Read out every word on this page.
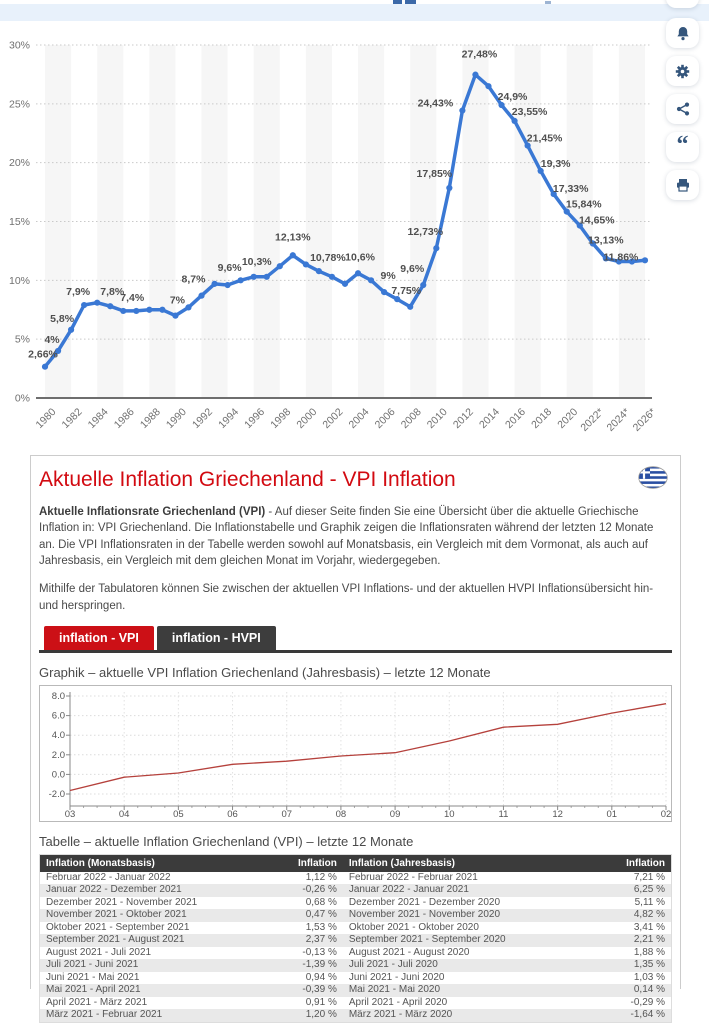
0%
5%
10%
15%
20%
25%
30%
1980 1982 1984 1986 1988 1990 1992 1994 1996 1998 2000 2002 2004 2006 2008 2010 2012 2014 2016 2018 2020
2022*
2024*
2026*
2,66%
4%
5,8%
7,9% 7,8%
7,4% 7%
8,7%
9,6%
10,3%
12,13%
10,78% 10,6%
9%
7,75%
9,6%
12,73%
17,85%
24,43%
27,48%
24,9%
23,55%
21,45%
19,3%
17,33%
15,84%
14,65%
13,13%
11,86%
“
Aktuelle Inflation Griechenland - VPI Inflation

Aktuelle Inflationsrate Griechenland (VPI) - Auf dieser Seite finden Sie eine Übersicht über die aktuelle Griechische Inflation in: VPI Griechenland. Die Inflationstabelle und Graphik zeigen die Inflationsraten während der letzten 12 Monate an. Die VPI Inflationsraten in der Tabelle werden sowohl auf Monatsbasis, ein Vergleich mit dem Vormonat, als auch auf Jahresbasis, ein Vergleich mit dem gleichen Monat im Vorjahr, wiedergegeben.

Mithilfe der Tabulatoren können Sie zwischen der aktuellen VPI Inflations- und der aktuellen HVPI Inflationsübersicht hin- und herspringen.

inflation - VPI	inflation - HVPI
Graphik – aktuelle VPI Inflation Griechenland (Jahresbasis) – letzte 12 Monate
8.0
6.0
4.0
2.0
0.0
-2.0
03	04	05	06	07	08	09	10	11	12	01	02
Tabelle – aktuelle Inflation Griechenland (VPI) – letzte 12 Monate
Inflation (Monatsbasis)	Inflation	Inflation (Jahresbasis)	Inflation
Februar 2022 - Januar 2022	1,12 %	Februar 2022 - Februar 2021	7,21 %
Januar 2022 - Dezember 2021	-0,26 %	Januar 2022 - Januar 2021	6,25 %
Dezember 2021 - November 2021	0,68 %	Dezember 2021 - Dezember 2020	5,11 %
November 2021 - Oktober 2021	0,47 %	November 2021 - November 2020	4,82 %
Oktober 2021 - September 2021	1,53 %	Oktober 2021 - Oktober 2020	3,41 %
September 2021 - August 2021	2,37 %	September 2021 - September 2020	2,21 %
August 2021 - Juli 2021	-0,13 %	August 2021 - August 2020	1,88 %
Juli 2021 - Juni 2021	-1,39 %	Juli 2021 - Juli 2020	1,35 %
Juni 2021 - Mai 2021	0,94 %	Juni 2021 - Juni 2020	1,03 %
Mai 2021 - April 2021	-0,39 %	Mai 2021 - Mai 2020	0,14 %
April 2021 - März 2021	0,91 %	April 2021 - April 2020	-0,29 %
März 2021 - Februar 2021	1,20 %	März 2021 - März 2020	-1,64 %
